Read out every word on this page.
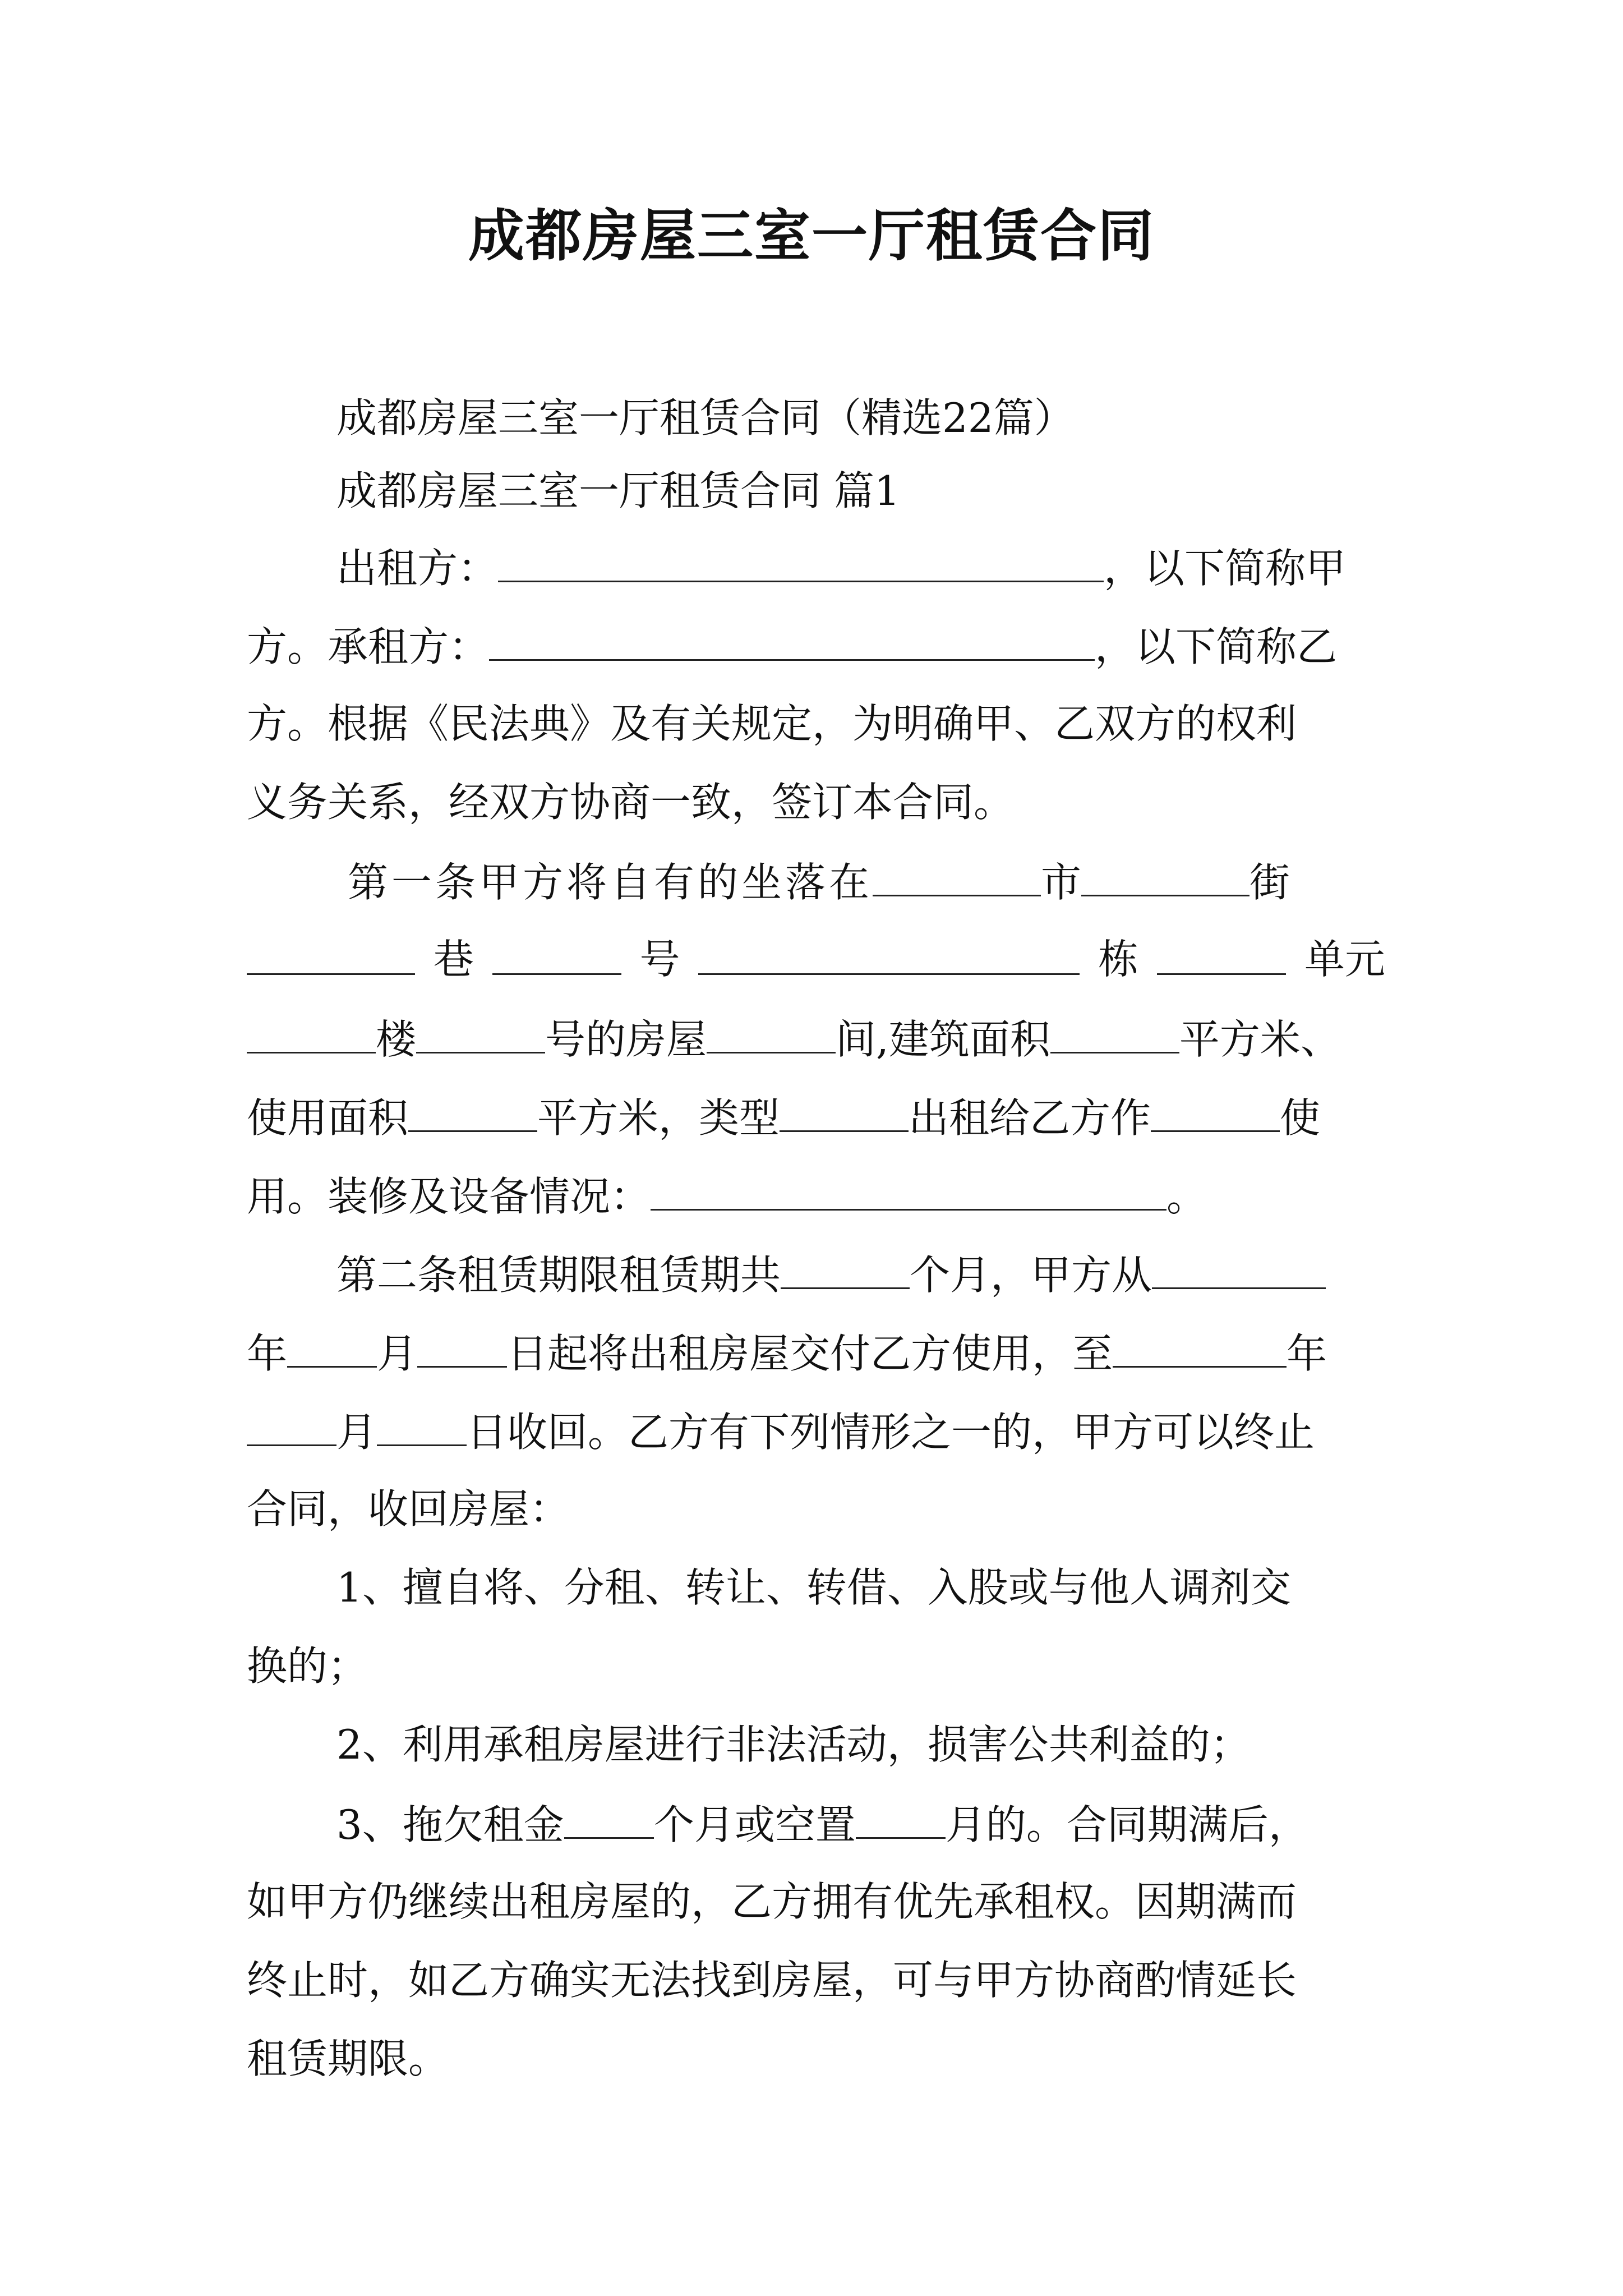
成都房屋三室一厅租赁合同
成都房屋三室一厅租赁合同（精选22篇）
成都房屋三室一厅租赁合同 篇1
出租方：	，以下简称甲
方。承租方：	，以下简称乙
方。根据《民法典》及有关规定，为明确甲、乙双方的权利
义务关系，经双方协商一致，签订本合同。
第一条甲方将自有的坐落在	市	街
巷	号	栋	单元
楼	号的房屋	间,建筑面积	平方米、
使用面积	平方米，类型	出租给乙方作	使
用。装修及设备情况：	。
第二条租赁期限租赁期共	个月，甲方从
年 月 日起将出租房屋交付乙方使用，至	年
月 日收回。乙方有下列情形之一的，甲方可以终止
合同，收回房屋：
1、擅自将、分租、转让、转借、入股或与他人调剂交
换的；
2、利用承租房屋进行非法活动，损害公共利益的；
3、拖欠租金 个月或空置 月的。合同期满后，
如甲方仍继续出租房屋的，乙方拥有优先承租权。因期满而
终止时，如乙方确实无法找到房屋，可与甲方协商酌情延长
租赁期限。
